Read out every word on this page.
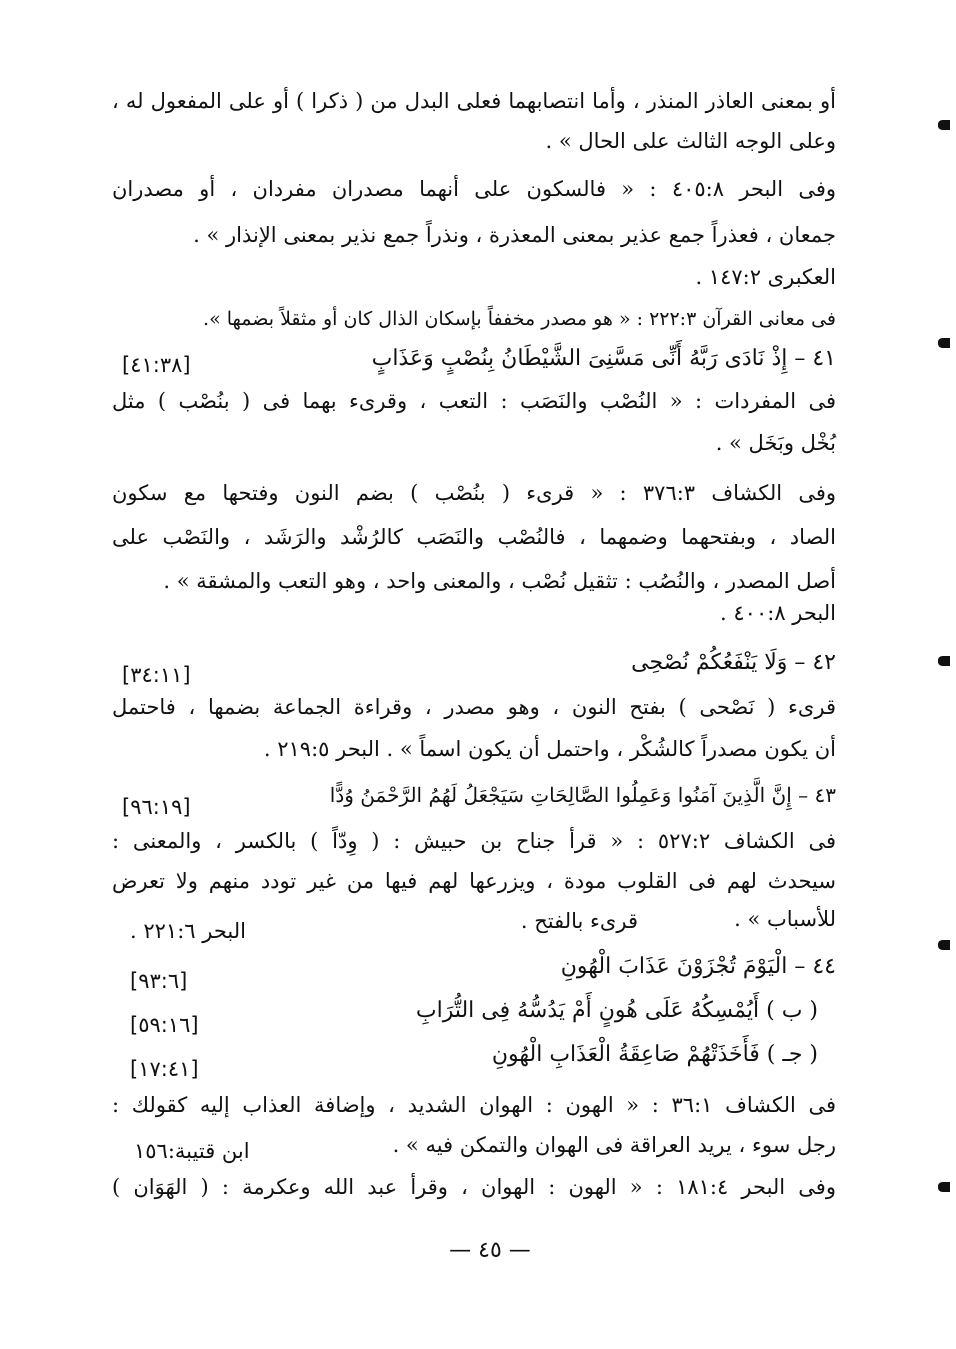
أو بمعنى العاذر المنذر ، وأما انتصابهما فعلى البدل من ( ذكرا ) أو على المفعول له ،
وعلى الوجه الثالث على الحال » .
وفى البحر ٤٠٥:٨ : « فالسكون على أنهما مصدران مفردان ، أو مصدران
جمعان ، فعذراً جمع عذير بمعنى المعذرة ، ونذراً جمع نذير بمعنى الإنذار » .
العكبرى ١٤٧:٢ .
فى معانى القرآن ٢٢٢:٣ : « هو مصدر مخففاً بإسكان الذال كان أو مثقلاً بضمها ».
٤١ – إِذْ نَادَى رَبَّهُ أَنِّى مَسَّنِىَ الشَّيْطَانُ بِنُصْبٍ وَعَذَابٍ
[٤١:٣٨]
فى المفردات : « النُصْب والنَصَب : التعب ، وقرىء بهما فى ( بنُصْب ) مثل
بُخْل وبَخَل » .
وفى الكشاف ٣٧٦:٣ : « قرىء ( بنُصْب ) بضم النون وفتحها مع سكون
الصاد ، وبفتحهما وضمهما ، فالنُصْب والنَصَب كالرُشْد والرَشَد ، والنَصْب على
أصل المصدر ، والنُصُب : تثقيل نُصْب ، والمعنى واحد ، وهو التعب والمشقة » .
البحر ٤٠٠:٨ .
٤٢ – وَلَا يَنْفَعُكُمْ نُصْحِى
[٣٤:١١]
قرىء ( نَصْحى ) بفتح النون ، وهو مصدر ، وقراءة الجماعة بضمها ، فاحتمل
أن يكون مصدراً كالشُكْر ، واحتمل أن يكون اسماً » . البحر ٢١٩:٥ .
٤٣ – إِنَّ الَّذِينَ آمَنُوا وَعَمِلُوا الصَّالِحَاتِ سَيَجْعَلُ لَهُمُ الرَّحْمَنُ وُدًّا
[٩٦:١٩]
فى الكشاف ٥٢٧:٢ : « قرأ جناح بن حبيش : ( وِدّاً ) بالكسر ، والمعنى :
سيحدث لهم فى القلوب مودة ، ويزرعها لهم فيها من غير تودد منهم ولا تعرض
للأسباب » .
قرىء بالفتح .
البحر ٢٢١:٦ .
٤٤ – الْيَوْمَ تُجْزَوْنَ عَذَابَ الْهُونِ
[٩٣:٦]
( ب ) أَيُمْسِكُهُ عَلَى هُونٍ أَمْ يَدُسُّهُ فِى التُّرَابِ
[٥٩:١٦]
( جـ ) فَأَخَذَتْهُمْ صَاعِقَةُ الْعَذَابِ الْهُونِ
[١٧:٤١]
فى الكشاف ٣٦:١ : « الهون : الهوان الشديد ، وإضافة العذاب إليه كقولك :
رجل سوء ، يريد العراقة فى الهوان والتمكن فيه » .
ابن قتيبة:١٥٦
وفى البحر ١٨١:٤ : « الهون : الهوان ، وقرأ عبد الله وعكرمة : ( الهَوَان )
— ٤٥ —
